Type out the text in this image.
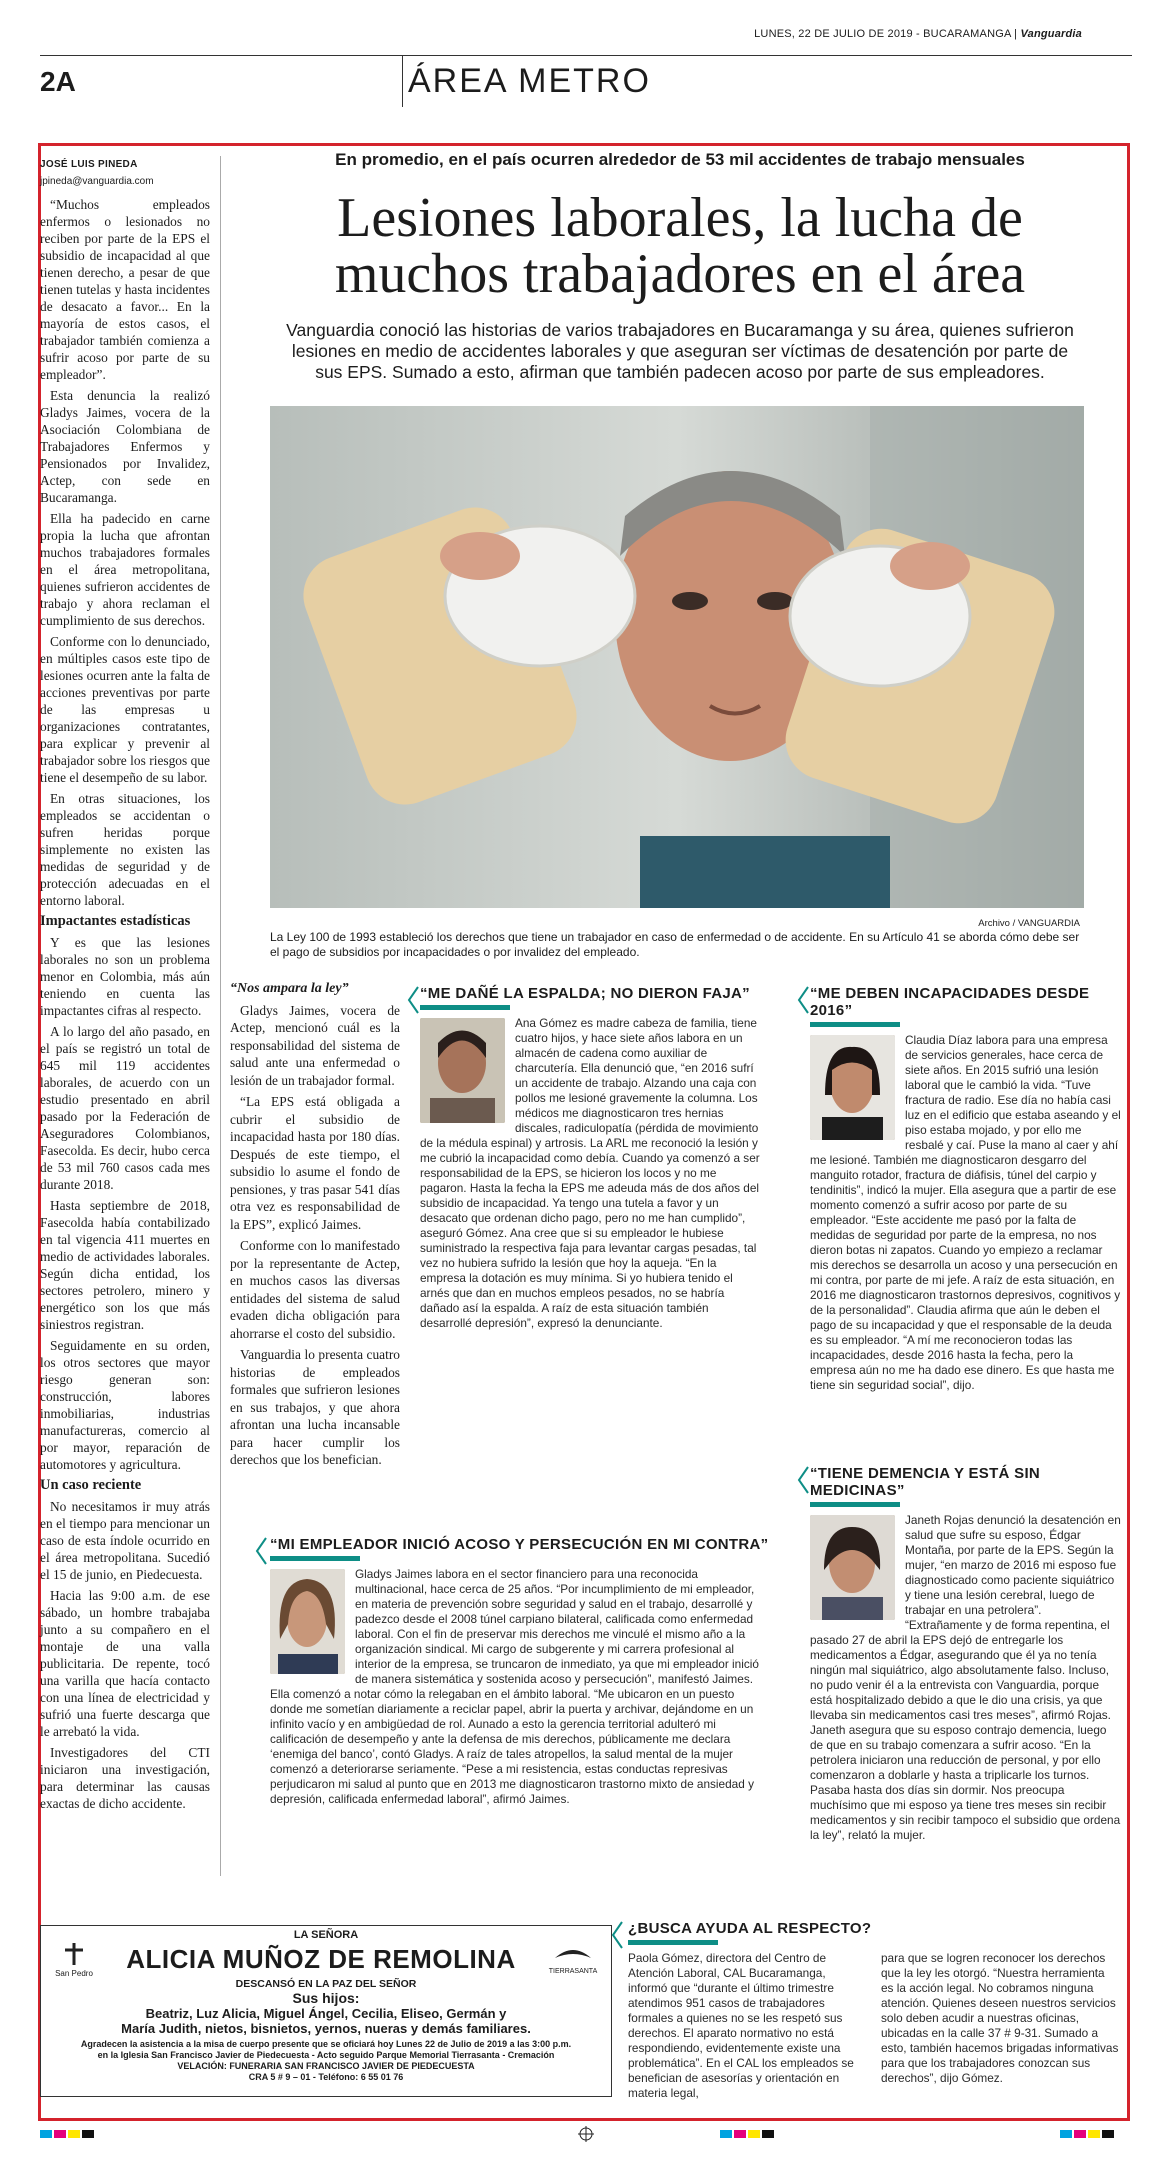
LUNES, 22 DE JULIO DE 2019 - BUCARAMANGA | Vanguardia
2A	ÁREA METRO
JOSÉ LUIS PINEDA
jpineda@vanguardia.com

“Muchos empleados enfermos o lesionados no reciben por parte de la EPS el subsidio de incapacidad al que tienen derecho, a pesar de que tienen tutelas y hasta incidentes de desacato a favor... En la mayoría de estos casos, el trabajador también comienza a sufrir acoso por parte de su empleador”.

Esta denuncia la realizó Gladys Jaimes, vocera de la Asociación Colombiana de Trabajadores Enfermos y Pensionados por Invalidez, Actep, con sede en Bucaramanga.

Ella ha padecido en carne propia la lucha que afrontan muchos trabajadores formales en el área metropolitana, quienes sufrieron accidentes de trabajo y ahora reclaman el cumplimiento de sus derechos.

Conforme con lo denunciado, en múltiples casos este tipo de lesiones ocurren ante la falta de acciones preventivas por parte de las empresas u organizaciones contratantes, para explicar y prevenir al trabajador sobre los riesgos que tiene el desempeño de su labor.

En otras situaciones, los empleados se accidentan o sufren heridas porque simplemente no existen las medidas de seguridad y de protección adecuadas en el entorno laboral.

Impactantes estadísticas

Y es que las lesiones laborales no son un problema menor en Colombia, más aún teniendo en cuenta las impactantes cifras al respecto.

A lo largo del año pasado, en el país se registró un total de 645 mil 119 accidentes laborales, de acuerdo con un estudio presentado en abril pasado por la Federación de Aseguradores Colombianos, Fasecolda. Es decir, hubo cerca de 53 mil 760 casos cada mes durante 2018.

Hasta septiembre de 2018, Fasecolda había contabilizado en tal vigencia 411 muertes en medio de actividades laborales. Según dicha entidad, los sectores petrolero, minero y energético son los que más siniestros registran.

Seguidamente en su orden, los otros sectores que mayor riesgo generan son: construcción, labores inmobiliarias, industrias manufactureras, comercio al por mayor, reparación de automotores y agricultura.

Un caso reciente

No necesitamos ir muy atrás en el tiempo para mencionar un caso de esta índole ocurrido en el área metropolitana. Sucedió el 15 de junio, en Piedecuesta.

Hacia las 9:00 a.m. de ese sábado, un hombre trabajaba junto a su compañero en el montaje de una valla publicitaria. De repente, tocó una varilla que hacía contacto con una línea de electricidad y sufrió una fuerte descarga que le arrebató la vida.

Investigadores del CTI iniciaron una investigación, para determinar las causas exactas de dicho accidente.

En promedio, en el país ocurren alrededor de 53 mil accidentes de trabajo mensuales
Lesiones laborales, la lucha de
muchos trabajadores en el área
Vanguardia conoció las historias de varios trabajadores en Bucaramanga y su área, quienes sufrieron lesiones en medio de accidentes laborales y que aseguran ser víctimas de desatención por parte de sus EPS. Sumado a esto, afirman que también padecen acoso por parte de sus empleadores.
Archivo / VANGUARDIA
La Ley 100 de 1993 estableció los derechos que tiene un trabajador en caso de enfermedad o de accidente. En su Artículo 41 se aborda cómo debe ser el pago de subsidios por incapacidades o por invalidez del empleado.

“Nos ampara la ley”

Gladys Jaimes, vocera de Actep, mencionó cuál es la responsabilidad del sistema de salud ante una enfermedad o lesión de un trabajador formal.

“La EPS está obligada a cubrir el subsidio de incapacidad hasta por 180 días. Después de este tiempo, el subsidio lo asume el fondo de pensiones, y tras pasar 541 días otra vez es responsabilidad de la EPS”, explicó Jaimes.

Conforme con lo manifestado por la representante de Actep, en muchos casos las diversas entidades del sistema de salud evaden dicha obligación para ahorrarse el costo del subsidio.

Vanguardia lo presenta cuatro historias de empleados formales que sufrieron lesiones en sus trabajos, y que ahora afrontan una lucha incansable para hacer cumplir los derechos que los benefician.

“ME DAÑÉ LA ESPALDA; NO DIERON FAJA”
Ana Gómez es madre cabeza de familia, tiene cuatro hijos, y hace siete años labora en un almacén de cadena como auxiliar de charcutería. Ella denunció que, “en 2016 sufrí un accidente de trabajo. Alzando una caja con pollos me lesioné gravemente la columna. Los médicos me diagnosticaron tres hernias discales, radiculopatía (pérdida de movimiento de la médula espinal) y artrosis. La ARL me reconoció la lesión y me cubrió la incapacidad como debía. Cuando ya comenzó a ser responsabilidad de la EPS, se hicieron los locos y no me pagaron. Hasta la fecha la EPS me adeuda más de dos años del subsidio de incapacidad. Ya tengo una tutela a favor y un desacato que ordenan dicho pago, pero no me han cumplido”, aseguró Gómez. Ana cree que si su empleador le hubiese suministrado la respectiva faja para levantar cargas pesadas, tal vez no hubiera sufrido la lesión que hoy la aqueja. “En la empresa la dotación es muy mínima. Si yo hubiera tenido el arnés que dan en muchos empleos pesados, no se habría dañado así la espalda. A raíz de esta situación también desarrollé depresión”, expresó la denunciante.
“ME DEBEN INCAPACIDADES DESDE 2016”
Claudia Díaz labora para una empresa de servicios generales, hace cerca de siete años. En 2015 sufrió una lesión laboral que le cambió la vida. “Tuve fractura de radio. Ese día no había casi luz en el edificio que estaba aseando y el piso estaba mojado, y por ello me resbalé y caí. Puse la mano al caer y ahí me lesioné. También me diagnosticaron desgarro del manguito rotador, fractura de diáfisis, túnel del carpio y tendinitis”, indicó la mujer. Ella asegura que a partir de ese momento comenzó a sufrir acoso por parte de su empleador. “Este accidente me pasó por la falta de medidas de seguridad por parte de la empresa, no nos dieron botas ni zapatos. Cuando yo empiezo a reclamar mis derechos se desarrolla un acoso y una persecución en mi contra, por parte de mi jefe. A raíz de esta situación, en 2016 me diagnosticaron trastornos depresivos, cognitivos y de la personalidad”. Claudia afirma que aún le deben el pago de su incapacidad y que el responsable de la deuda es su empleador. “A mí me reconocieron todas las incapacidades, desde 2016 hasta la fecha, pero la empresa aún no me ha dado ese dinero. Es que hasta me tiene sin seguridad social”, dijo.
“TIENE DEMENCIA Y ESTÁ SIN MEDICINAS”
Janeth Rojas denunció la desatención en salud que sufre su esposo, Édgar Montaña, por parte de la EPS. Según la mujer, “en marzo de 2016 mi esposo fue diagnosticado como paciente siquiátrico y tiene una lesión cerebral, luego de trabajar en una petrolera”. “Extrañamente y de forma repentina, el pasado 27 de abril la EPS dejó de entregarle los medicamentos a Édgar, asegurando que él ya no tenía ningún mal siquiátrico, algo absolutamente falso. Incluso, no pudo venir él a la entrevista con Vanguardia, porque está hospitalizado debido a que le dio una crisis, ya que llevaba sin medicamentos casi tres meses”, afirmó Rojas. Janeth asegura que su esposo contrajo demencia, luego de que en su trabajo comenzara a sufrir acoso. “En la petrolera iniciaron una reducción de personal, y por ello comenzaron a doblarle y hasta a triplicarle los turnos. Pasaba hasta dos días sin dormir. Nos preocupa muchísimo que mi esposo ya tiene tres meses sin recibir medicamentos y sin recibir tampoco el subsidio que ordena la ley”, relató la mujer.
“MI EMPLEADOR INICIÓ ACOSO Y PERSECUCIÓN EN MI CONTRA”
Gladys Jaimes labora en el sector financiero para una reconocida multinacional, hace cerca de 25 años. “Por incumplimiento de mi empleador, en materia de prevención sobre seguridad y salud en el trabajo, desarrollé y padezco desde el 2008 túnel carpiano bilateral, calificada como enfermedad laboral. Con el fin de preservar mis derechos me vinculé el mismo año a la organización sindical. Mi cargo de subgerente y mi carrera profesional al interior de la empresa, se truncaron de inmediato, ya que mi empleador inició de manera sistemática y sostenida acoso y persecución”, manifestó Jaimes. Ella comenzó a notar cómo la relegaban en el ámbito laboral. “Me ubicaron en un puesto donde me sometían diariamente a reciclar papel, abrir la puerta y archivar, dejándome en un infinito vacío y en ambigüedad de rol. Aunado a esto la gerencia territorial adulteró mi calificación de desempeño y ante la defensa de mis derechos, públicamente me declara ‘enemiga del banco’, contó Gladys. A raíz de tales atropellos, la salud mental de la mujer comenzó a deteriorarse seriamente. “Pese a mi resistencia, estas conductas represivas perjudicaron mi salud al punto que en 2013 me diagnosticaron trastorno mixto de ansiedad y depresión, calificada enfermedad laboral”, afirmó Jaimes.
¿BUSCA AYUDA AL RESPECTO?
Paola Gómez, directora del Centro de Atención Laboral, CAL Bucaramanga, informó que “durante el último trimestre atendimos 951 casos de trabajadores formales a quienes no se les respetó sus derechos. El aparato normativo no está respondiendo, evidentemente existe una problemática”. En el CAL los empleados se benefician de asesorías y orientación en materia legal,
para que se logren reconocer los derechos que la ley les otorgó. “Nuestra herramienta es la acción legal. No cobramos ninguna atención. Quienes deseen nuestros servicios solo deben acudir a nuestras oficinas, ubicadas en la calle 37 # 9-31. Sumado a esto, también hacemos brigadas informativas para que los trabajadores conozcan sus derechos”, dijo Gómez.
LA SEÑORA
San Pedro ALICIA MUÑOZ DE REMOLINA	TIERRASANTA
DESCANSÓ EN LA PAZ DEL SEÑOR
Sus hijos:
Beatriz, Luz Alicia, Miguel Ángel, Cecilia, Eliseo, Germán y
María Judith, nietos, bisnietos, yernos, nueras y demás familiares.
Agradecen la asistencia a la misa de cuerpo presente que se oficiará hoy Lunes 22 de Julio de 2019 a las 3:00 p.m.
en la Iglesia San Francisco Javier de Piedecuesta - Acto seguido Parque Memorial Tierrasanta - Cremación
VELACIÓN: FUNERARIA SAN FRANCISCO JAVIER DE PIEDECUESTA
CRA 5 # 9 – 01 - Teléfono: 6 55 01 76
